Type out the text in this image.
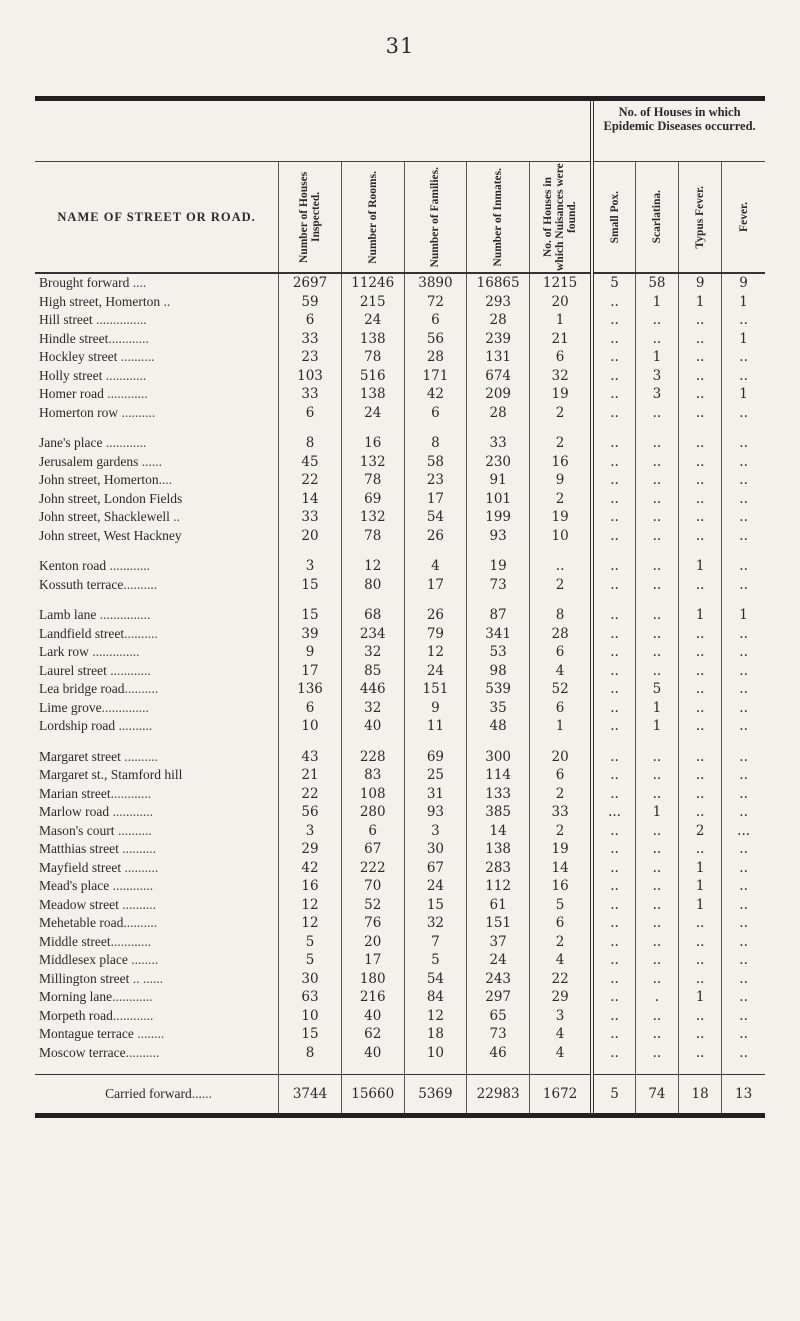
31
						No. of Houses in which Epidemic Diseases occurred.			

NAME OF STREET OR ROAD.	Number of Houses Inspected.	Number of Rooms.	Number of Families.	Number of Inmates.	No. of Houses in which Nuisances were found.	Small Pox.	Scarlatina.	Typus Fever.	Fever.

Brought forward ....	2697	11246	3890	16865	1215	5	58	9	9
High street, Homerton ..	59	215	72	293	20	..	1	1	1
Hill street ...............	6	24	6	28	1	..	..	..	..
Hindle street............	33	138	56	239	21	..	..	..	1
Hockley street ..........	23	78	28	131	6	..	1	..	..
Holly street ............	103	516	171	674	32	..	3	..	..
Homer road ............	33	138	42	209	19	..	3	..	1
Homerton row ..........	6	24	6	28	2	..	..	..	..

Jane's place ............	8	16	8	33	2	..	..	..	..
Jerusalem gardens ......	45	132	58	230	16	..	..	..	..
John street, Homerton....	22	78	23	91	9	..	..	..	..
John street, London Fields	14	69	17	101	2	..	..	..	..
John street, Shacklewell ..	33	132	54	199	19	..	..	..	..
John street, West Hackney	20	78	26	93	10	..	..	..	..

Kenton road ............	3	12	4	19	..	..	..	1	..
Kossuth terrace..........	15	80	17	73	2	..	..	..	..

Lamb lane ...............	15	68	26	87	8	..	..	1	1
Landfield street..........	39	234	79	341	28	..	..	..	..
Lark row ..............	9	32	12	53	6	..	..	..	..
Laurel street ............	17	85	24	98	4	..	..	..	..
Lea bridge road..........	136	446	151	539	52	..	5	..	..
Lime grove..............	6	32	9	35	6	..	1	..	..
Lordship road ..........	10	40	11	48	1	..	1	..	..

Margaret street ..........	43	228	69	300	20	..	..	..	..
Margaret st., Stamford hill	21	83	25	114	6	..	..	..	..
Marian street............	22	108	31	133	2	..	..	..	..
Marlow road ............	56	280	93	385	33	...	1	..	..
Mason's court ..........	3	6	3	14	2	..	..	2	...
Matthias street ..........	29	67	30	138	19	..	..	..	..
Mayfield street ..........	42	222	67	283	14	..	..	1	..
Mead's place ............	16	70	24	112	16	..	..	1	..
Meadow street ..........	12	52	15	61	5	..	..	1	..
Mehetable road..........	12	76	32	151	6	..	..	..	..
Middle street............	5	20	7	37	2	..	..	..	..
Middlesex place ........	5	17	5	24	4	..	..	..	..
Millington street .. ......	30	180	54	243	22	..	..	..	..
Morning lane............	63	216	84	297	29	..	.	1	..
Morpeth road............	10	40	12	65	3	..	..	..	..
Montague terrace ........	15	62	18	73	4	..	..	..	..
Moscow terrace..........	8	40	10	46	4	..	..	..	..

Carried forward......	3744	15660	5369	22983	1672	5	74	18	13
